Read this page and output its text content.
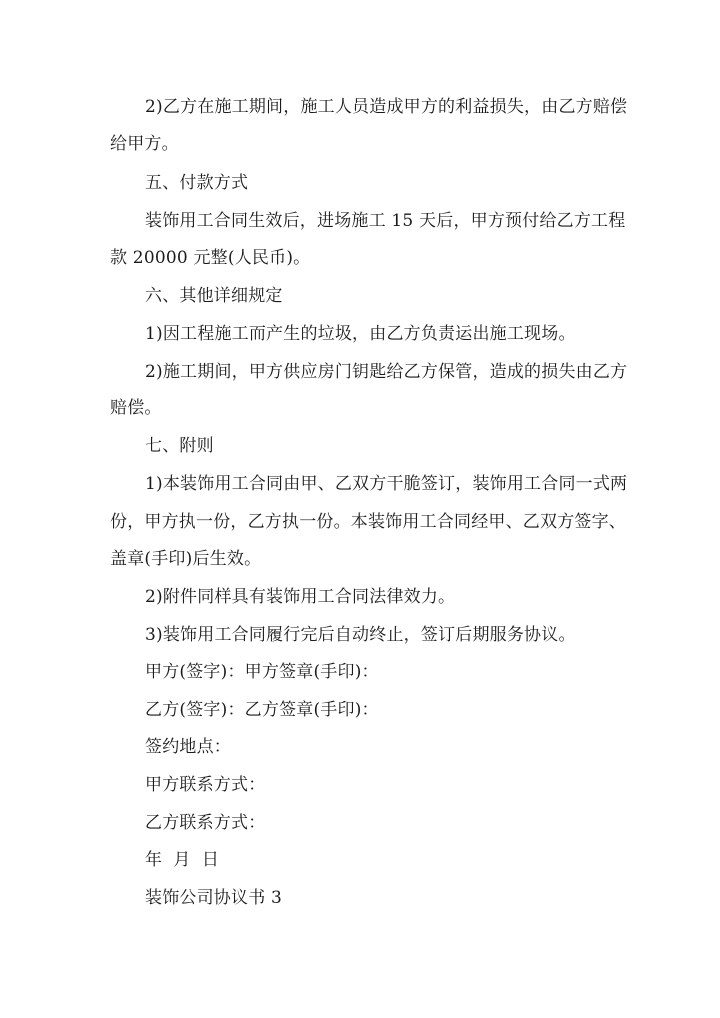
2)乙方在施工期间，施工人员造成甲方的利益损失，由乙方赔偿
给甲方。
五、付款方式
装饰用工合同生效后，进场施工 15 天后，甲方预付给乙方工程
款 20000 元整(人民币)。
六、其他详细规定
1)因工程施工而产生的垃圾，由乙方负责运出施工现场。
2)施工期间，甲方供应房门钥匙给乙方保管，造成的损失由乙方
赔偿。
七、附则
1)本装饰用工合同由甲、乙双方干脆签订，装饰用工合同一式两
份，甲方执一份，乙方执一份。本装饰用工合同经甲、乙双方签字、
盖章(手印)后生效。
2)附件同样具有装饰用工合同法律效力。
3)装饰用工合同履行完后自动终止，签订后期服务协议。
甲方(签字)：甲方签章(手印)：
乙方(签字)：乙方签章(手印)：
签约地点：
甲方联系方式：
乙方联系方式：
年  月  日
装饰公司协议书 3
